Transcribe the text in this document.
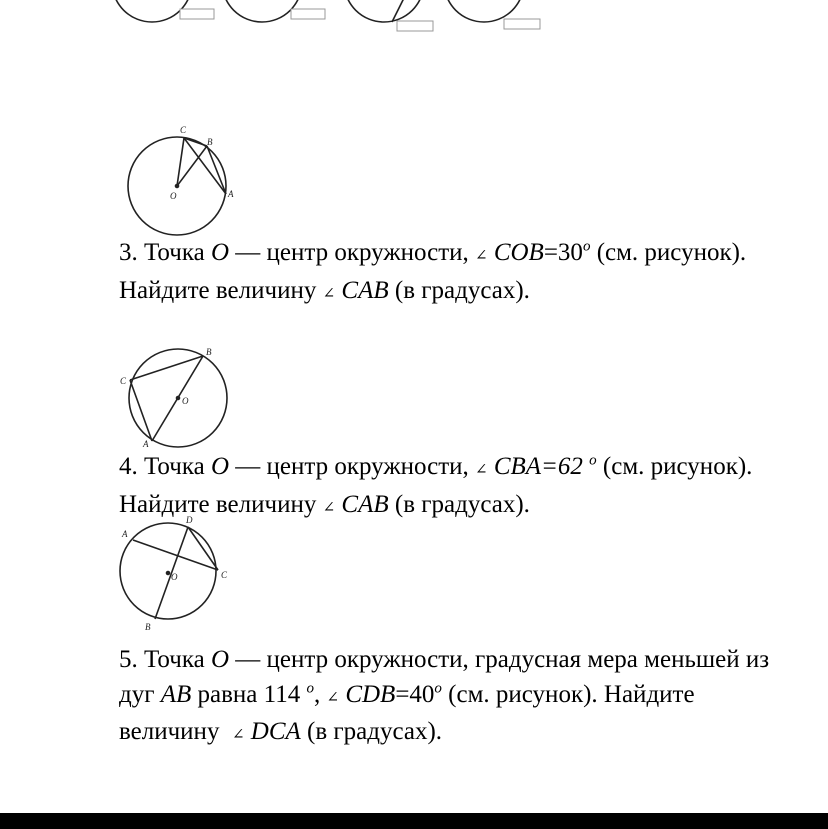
C
B
A
O

3. Точка O — центр окружности, ∠ $COB=30^o$ (см. рисунок). Найдите величину ∠ CAB (в градусах).

B
C
O
A

4. Точка O — центр окружности, ∠ CBA=62 $^o$ (см. рисунок). Найдите величину ∠ CAB (в градусах).

D
A
O	C
B

5. Точка O — центр окружности, градусная мера меньшей из дуг AB равна 114 $^o$, ∠ $CDB=40^o$ (см. рисунок). Найдите величину  ∠ DCA (в градусах).
